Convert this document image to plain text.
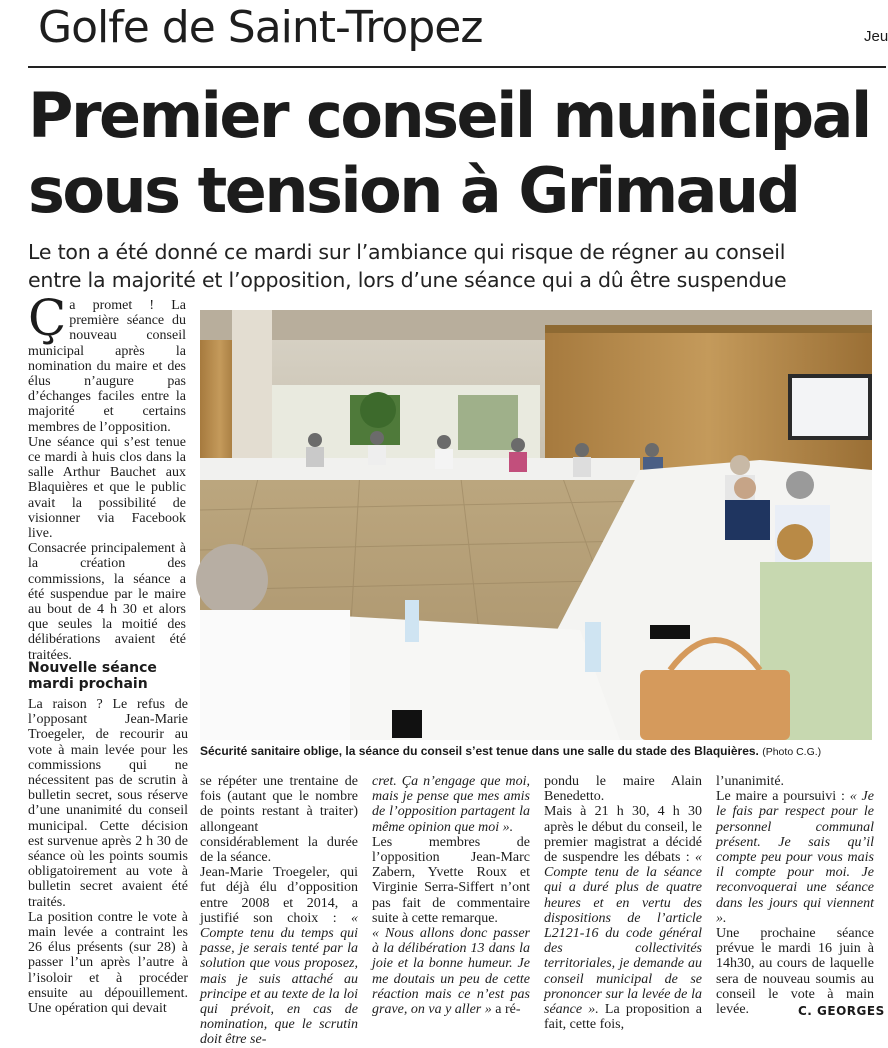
Golfe de Saint-Tropez	Jeu
Premier conseil municipal
sous tension à Grimaud
Le ton a été donné ce mardi sur l’ambiance qui risque de régner au conseil
entre la majorité et l’opposition, lors d’une séance qui a dû être suspendue

Ça promet ! La première séance du nouveau conseil municipal après la nomination du maire et des élus n’augure pas d’échanges faciles entre la majorité et certains membres de l’opposition.

Une séance qui s’est tenue ce mardi à huis clos dans la salle Arthur Bauchet aux Blaquières et que le public avait la possibilité de visionner via Facebook live.

Consacrée principalement à la création des commissions, la séance a été suspendue par le maire au bout de 4 h 30 et alors que seules la moitié des délibérations avaient été traitées.

Nouvelle séance mardi prochain

La raison ? Le refus de l’opposant Jean-Marie Troegeler, de recourir au vote à main levée pour les commissions qui ne nécessitent pas de scrutin à bulletin secret, sous réserve d’une unanimité du conseil municipal. Cette décision est survenue après 2 h 30 de séance où les points soumis obligatoirement au vote à bulletin secret avaient été traités.

La position contre le vote à main levée a contraint les 26 élus présents (sur 28) à passer l’un après l’autre à l’isoloir et à procéder ensuite au dépouillement. Une opération qui devait

Sécurité sanitaire oblige, la séance du conseil s’est tenue dans une salle du stade des Blaquières. (Photo C.G.)

se répéter une trentaine de fois (autant que le nombre de points restant à traiter) allongeant considérablement la durée de la séance.

Jean-Marie Troegeler, qui fut déjà élu d’opposition entre 2008 et 2014, a justifié son choix : « Compte tenu du temps qui passe, je serais tenté par la solution que vous proposez, mais je suis attaché au principe et au texte de la loi qui prévoit, en cas de nomination, que le scrutin doit être se-

cret. Ça n’engage que moi, mais je pense que mes amis de l’opposition partagent la même opinion que moi ».

Les membres de l’opposition Jean-Marc Zabern, Yvette Roux et Virginie Serra-Siffert n’ont pas fait de commentaire suite à cette remarque.

« Nous allons donc passer à la délibération 13 dans la joie et la bonne humeur. Je me doutais un peu de cette réaction mais ce n’est pas grave, on va y aller » a ré-

pondu le maire Alain Benedetto.

Mais à 21 h 30, 4 h 30 après le début du conseil, le premier magistrat a décidé de suspendre les débats : « Compte tenu de la séance qui a duré plus de quatre heures et en vertu des dispositions de l’article L2121-16 du code général des collectivités territoriales, je demande au conseil municipal de se prononcer sur la levée de la séance ». La proposition a fait, cette fois,

l’unanimité.

Le maire a poursuivi : « Je le fais par respect pour le personnel communal présent. Je sais qu’il compte peu pour vous mais il compte pour moi. Je reconvoquerai une séance dans les jours qui viennent ».

Une prochaine séance prévue le mardi 16 juin à 14h30, au cours de laquelle sera de nouveau soumis au conseil le vote à main levée.	C. GEORGES
